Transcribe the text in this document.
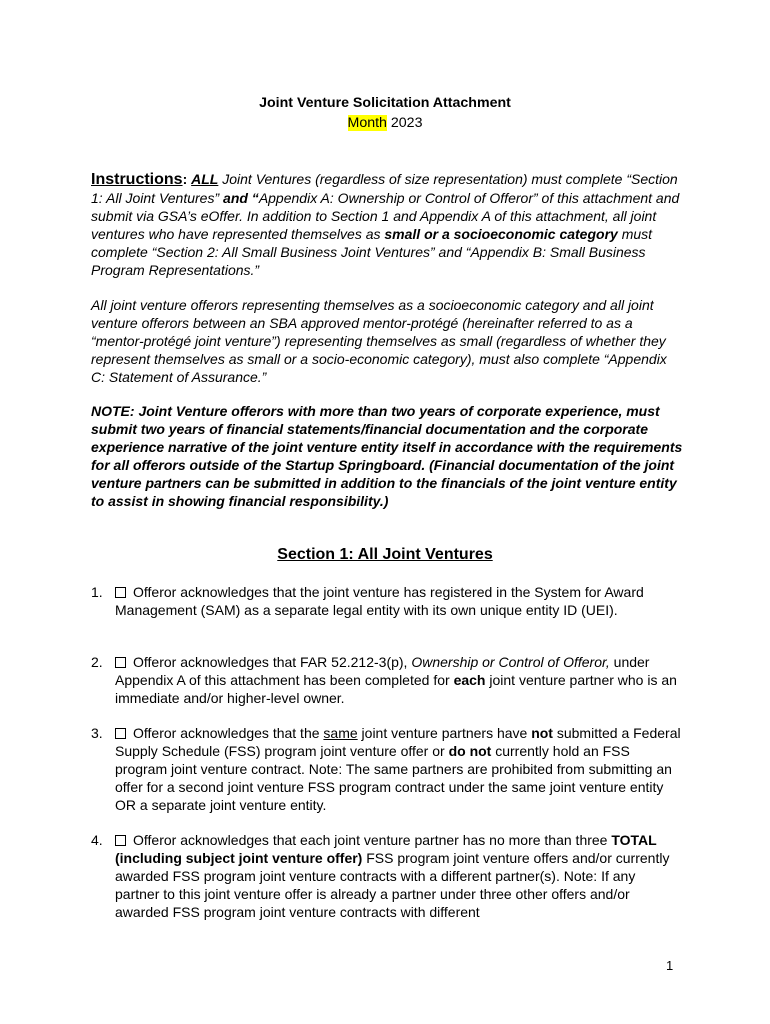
Joint Venture Solicitation Attachment
Month 2023
Instructions: ALL Joint Ventures (regardless of size representation) must complete “Section 1: All Joint Ventures” and “Appendix A: Ownership or Control of Offeror” of this attachment and submit via GSA’s eOffer. In addition to Section 1 and Appendix A of this attachment, all joint ventures who have represented themselves as small or a socioeconomic category must complete “Section 2: All Small Business Joint Ventures” and “Appendix B: Small Business Program Representations.”
All joint venture offerors representing themselves as a socioeconomic category and all joint venture offerors between an SBA approved mentor-protégé (hereinafter referred to as a “mentor-protégé joint venture”) representing themselves as small (regardless of whether they represent themselves as small or a socio-economic category), must also complete “Appendix C: Statement of Assurance.”
NOTE: Joint Venture offerors with more than two years of corporate experience, must submit two years of financial statements/financial documentation and the corporate experience narrative of the joint venture entity itself in accordance with the requirements for all offerors outside of the Startup Springboard. (Financial documentation of the joint venture partners can be submitted in addition to the financials of the joint venture entity to assist in showing financial responsibility.)
Section 1: All Joint Ventures
1.	Offeror acknowledges that the joint venture has registered in the System for Award Management (SAM) as a separate legal entity with its own unique entity ID (UEI).
2.	Offeror acknowledges that FAR 52.212-3(p), Ownership or Control of Offeror, under Appendix A of this attachment has been completed for each joint venture partner who is an immediate and/or higher-level owner.
3.	Offeror acknowledges that the same joint venture partners have not submitted a Federal Supply Schedule (FSS) program joint venture offer or do not currently hold an FSS program joint venture contract. Note: The same partners are prohibited from submitting an offer for a second joint venture FSS program contract under the same joint venture entity OR a separate joint venture entity.
4.	Offeror acknowledges that each joint venture partner has no more than three TOTAL (including subject joint venture offer) FSS program joint venture offers and/or currently awarded FSS program joint venture contracts with a different partner(s). Note: If any partner to this joint venture offer is already a partner under three other offers and/or awarded FSS program joint venture contracts with different
1
